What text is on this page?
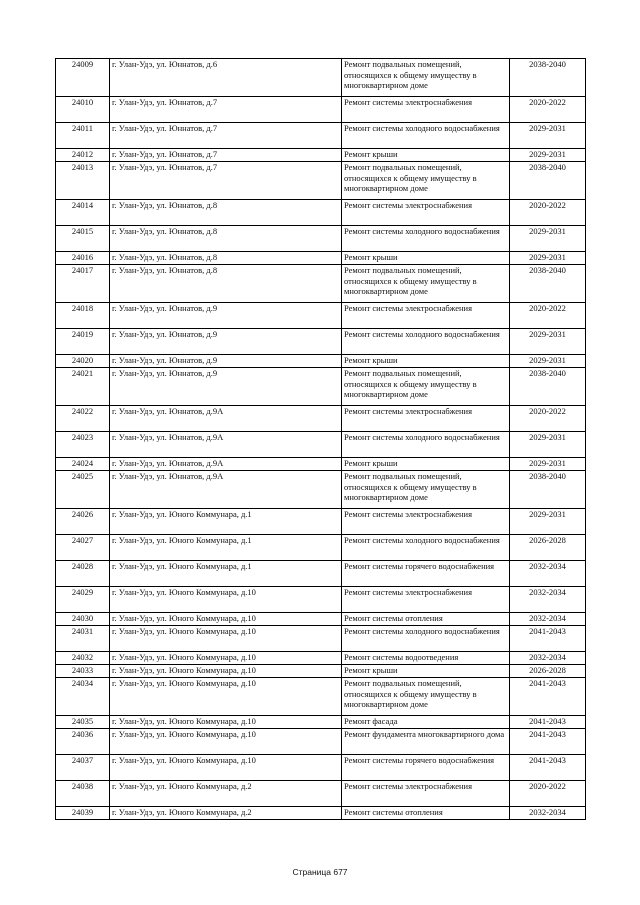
24009	г. Улан-Удэ, ул. Юннатов, д.6	Ремонт подвальных помещений, относящихся к общему имуществу в многоквартирном доме	2038-2040
24010	г. Улан-Удэ, ул. Юннатов, д.7	Ремонт системы электроснабжения	2020-2022
24011	г. Улан-Удэ, ул. Юннатов, д.7	Ремонт системы холодного водоснабжения	2029-2031
24012	г. Улан-Удэ, ул. Юннатов, д.7	Ремонт крыши	2029-2031
24013	г. Улан-Удэ, ул. Юннатов, д.7	Ремонт подвальных помещений, относящихся к общему имуществу в многоквартирном доме	2038-2040
24014	г. Улан-Удэ, ул. Юннатов, д.8	Ремонт системы электроснабжения	2020-2022
24015	г. Улан-Удэ, ул. Юннатов, д.8	Ремонт системы холодного водоснабжения	2029-2031
24016	г. Улан-Удэ, ул. Юннатов, д.8	Ремонт крыши	2029-2031
24017	г. Улан-Удэ, ул. Юннатов, д.8	Ремонт подвальных помещений, относящихся к общему имуществу в многоквартирном доме	2038-2040
24018	г. Улан-Удэ, ул. Юннатов, д.9	Ремонт системы электроснабжения	2020-2022
24019	г. Улан-Удэ, ул. Юннатов, д.9	Ремонт системы холодного водоснабжения	2029-2031
24020	г. Улан-Удэ, ул. Юннатов, д.9	Ремонт крыши	2029-2031
24021	г. Улан-Удэ, ул. Юннатов, д.9	Ремонт подвальных помещений, относящихся к общему имуществу в многоквартирном доме	2038-2040
24022	г. Улан-Удэ, ул. Юннатов, д.9А	Ремонт системы электроснабжения	2020-2022
24023	г. Улан-Удэ, ул. Юннатов, д.9А	Ремонт системы холодного водоснабжения	2029-2031
24024	г. Улан-Удэ, ул. Юннатов, д.9А	Ремонт крыши	2029-2031
24025	г. Улан-Удэ, ул. Юннатов, д.9А	Ремонт подвальных помещений, относящихся к общему имуществу в многоквартирном доме	2038-2040
24026	г. Улан-Удэ, ул. Юного Коммунара, д.1	Ремонт системы электроснабжения	2029-2031
24027	г. Улан-Удэ, ул. Юного Коммунара, д.1	Ремонт системы холодного водоснабжения	2026-2028
24028	г. Улан-Удэ, ул. Юного Коммунара, д.1	Ремонт системы горячего водоснабжения	2032-2034
24029	г. Улан-Удэ, ул. Юного Коммунара, д.10	Ремонт системы электроснабжения	2032-2034
24030	г. Улан-Удэ, ул. Юного Коммунара, д.10	Ремонт системы отопления	2032-2034
24031	г. Улан-Удэ, ул. Юного Коммунара, д.10	Ремонт системы холодного водоснабжения	2041-2043
24032	г. Улан-Удэ, ул. Юного Коммунара, д.10	Ремонт системы водоотведения	2032-2034
24033	г. Улан-Удэ, ул. Юного Коммунара, д.10	Ремонт крыши	2026-2028
24034	г. Улан-Удэ, ул. Юного Коммунара, д.10	Ремонт подвальных помещений, относящихся к общему имуществу в многоквартирном доме	2041-2043
24035	г. Улан-Удэ, ул. Юного Коммунара, д.10	Ремонт фасада	2041-2043
24036	г. Улан-Удэ, ул. Юного Коммунара, д.10	Ремонт фундамента многоквартирного дома	2041-2043
24037	г. Улан-Удэ, ул. Юного Коммунара, д.10	Ремонт системы горячего водоснабжения	2041-2043
24038	г. Улан-Удэ, ул. Юного Коммунара, д.2	Ремонт системы электроснабжения	2020-2022
24039	г. Улан-Удэ, ул. Юного Коммунара, д.2	Ремонт системы отопления	2032-2034
Страница 677
